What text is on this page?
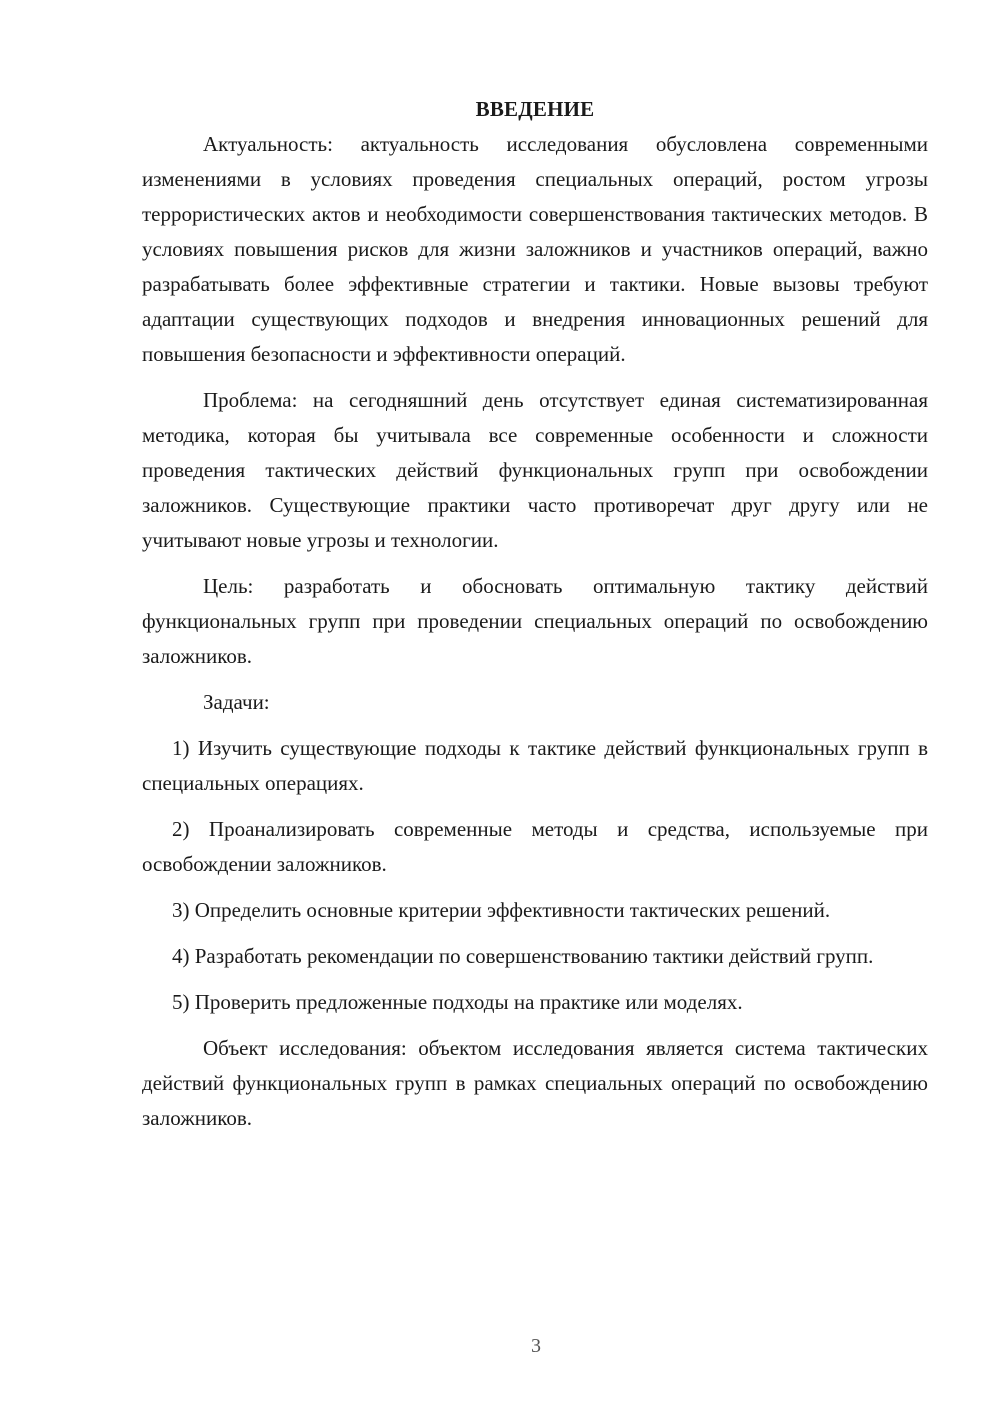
ВВЕДЕНИЕ

Актуальность: актуальность исследования обусловлена современными изменениями в условиях проведения специальных операций, ростом угрозы террористических актов и необходимости совершенствования тактических методов. В условиях повышения рисков для жизни заложников и участников операций, важно разрабатывать более эффективные стратегии и тактики. Новые вызовы требуют адаптации существующих подходов и внедрения инновационных решений для повышения безопасности и эффективности операций.

Проблема: на сегодняшний день отсутствует единая систематизированная методика, которая бы учитывала все современные особенности и сложности проведения тактических действий функциональных групп при освобождении заложников. Существующие практики часто противоречат друг другу или не учитывают новые угрозы и технологии.

Цель: разработать и обосновать оптимальную тактику действий функциональных групп при проведении специальных операций по освобождению заложников.

Задачи:

1) Изучить существующие подходы к тактике действий функциональных групп в специальных операциях.

2) Проанализировать современные методы и средства, используемые при освобождении заложников.

3) Определить основные критерии эффективности тактических решений.

4) Разработать рекомендации по совершенствованию тактики действий групп.

5) Проверить предложенные подходы на практике или моделях.

Объект исследования: объектом исследования является система тактических действий функциональных групп в рамках специальных операций по освобождению заложников.

3
